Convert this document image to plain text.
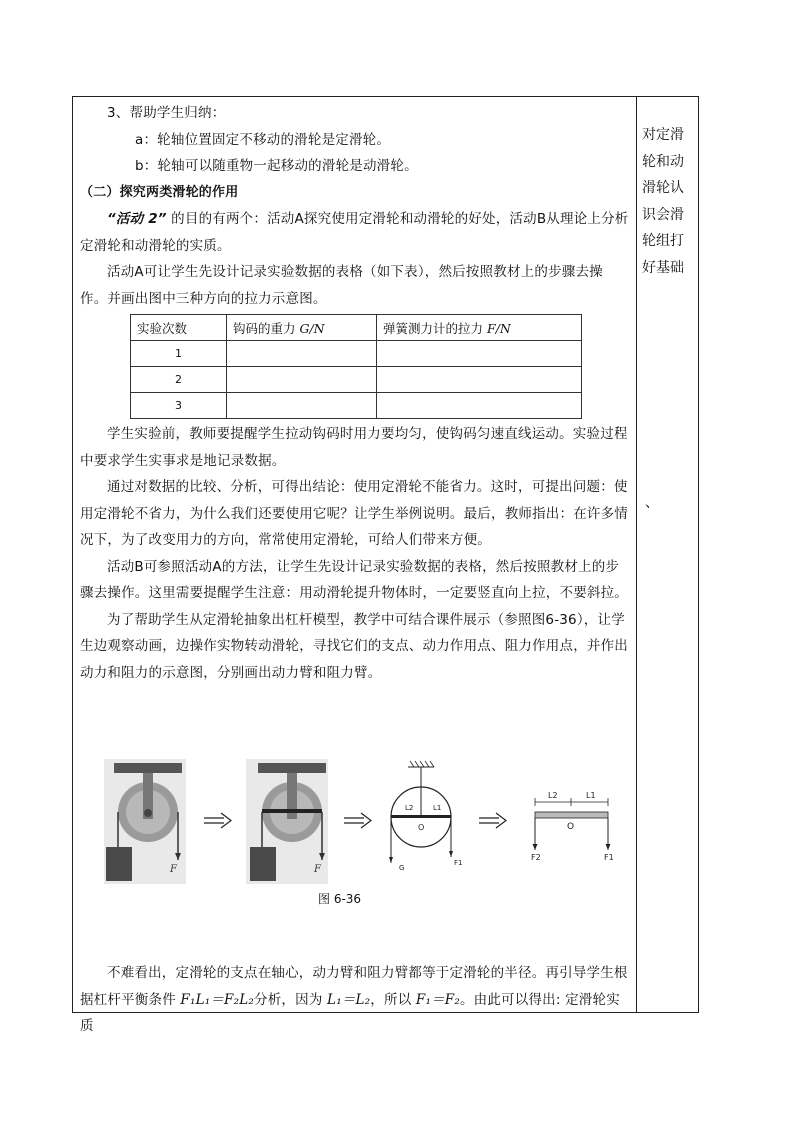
3、帮助学生归纳：

a：轮轴位置固定不移动的滑轮是定滑轮。

b：轮轴可以随重物一起移动的滑轮是动滑轮。

（二）探究两类滑轮的作用

“活动 2” 的目的有两个：活动A探究使用定滑轮和动滑轮的好处，活动B从理论上分析定滑轮和动滑轮的实质。

活动A可让学生先设计记录实验数据的表格（如下表），然后按照教材上的步骤去操作。并画出图中三种方向的拉力示意图。

实验次数	钩码的重力 G/N	弹簧测力计的拉力 F/N
1		
2		
3		

学生实验前，教师要提醒学生拉动钩码时用力要均匀，使钩码匀速直线运动。实验过程中要求学生实事求是地记录数据。

通过对数据的比较、分析，可得出结论：使用定滑轮不能省力。这时，可提出问题：使用定滑轮不省力，为什么我们还要使用它呢？让学生举例说明。最后，教师指出：在许多情况下，为了改变用力的方向，常常使用定滑轮，可给人们带来方便。

活动B可参照活动A的方法，让学生先设计记录实验数据的表格，然后按照教材上的步骤去操作。这里需要提醒学生注意：用动滑轮提升物体时，一定要竖直向上拉，不要斜拉。

为了帮助学生从定滑轮抽象出杠杆模型，教学中可结合课件展示（参照图6-36），让学生边观察动画，边操作实物转动滑轮，寻找它们的支点、动力作用点、阻力作用点，并作出动力和阻力的示意图，分别画出动力臂和阻力臂。

F	F
L2	L1
O
G
F1
L2	L1
O
F2	F1
图 6-36

不难看出，定滑轮的支点在轴心，动力臂和阻力臂都等于定滑轮的半径。再引导学生根据杠杆平衡条件 F₁L₁＝F₂L₂分析，因为 L₁＝L₂，所以 F₁＝F₂。由此可以得出: 定滑轮实质

对定滑
轮和动
滑轮认
识会滑
轮组打
好基础
、
